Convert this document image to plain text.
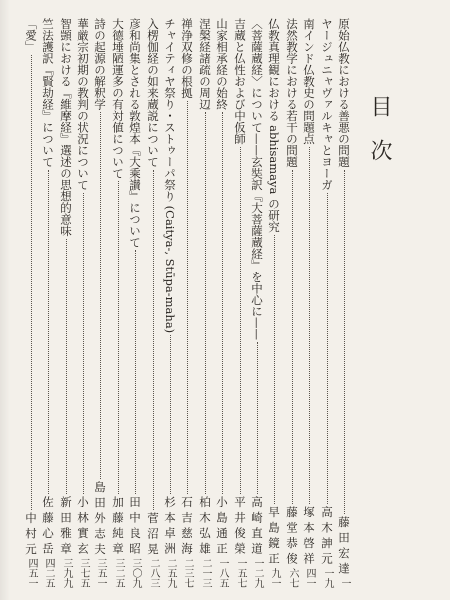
目次
原始仏教における善悪の問題
藤田宏達
一
ヤージュニャヴァルキャとヨーガ
高木訷元
一九
南インド仏教史の問題点
塚本啓祥
四一
法然教学における若干の問題
藤堂恭俊
六七
仏教真理観における abhisamaya の研究
早島鏡正
九一
〈菩薩蔵経〉について——玄奘訳『大菩薩蔵経』を中心に——
高崎直道
一二九
吉蔵と仏性および中仮師
平井俊榮
一五七
山家相承経の始終
小島通正
一八五
涅槃経諸疏の周辺
柏木弘雄
二一三
禅浄双修の根拠
石吉慈海
二三七
チャイティヤ祭り・ストゥーパ祭り (Caitya-, Stūpa-maha)
杉本卓洲
二五九
入楞伽経の如来蔵説について
菅沼晃
二八三
彦和尚集とされる敦煌本『大乘讃』について
田中良昭
三〇九
大德埵陋運多の有対値について
加藤純章
三二五
詩の起源の解釈学
島田外志夫
三五一
華厳宗初期の教判の状況について
小林實玄
三七五
智顗における『維摩経』選述の思想的意味
新田雅章
三九九
竺法護訳『賢劫経』について
佐藤心岳
四二五
「愛」
中村元
四五一
